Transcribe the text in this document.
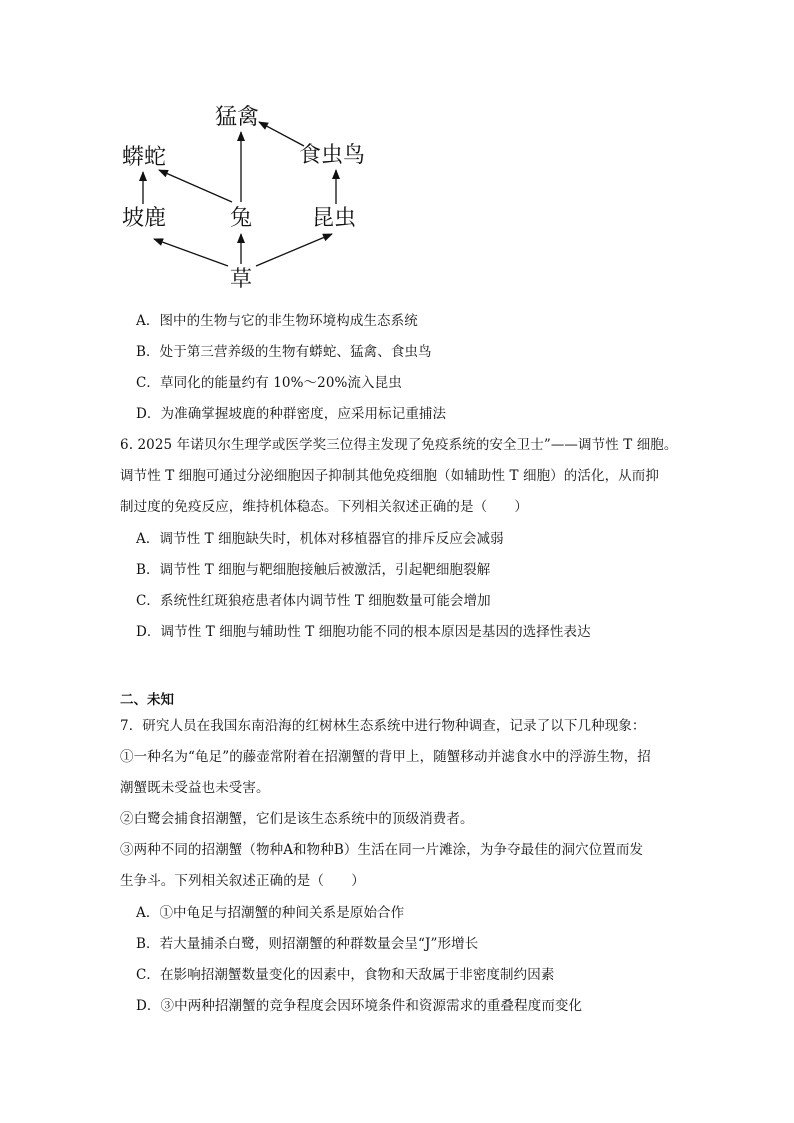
猛禽
蟒蛇	食虫鸟
坡鹿	兔	昆虫
草
A．图中的生物与它的非生物环境构成生态系统
B．处于第三营养级的生物有蟒蛇、猛禽、食虫鸟
C．草同化的能量约有 10%～20%流入昆虫
D．为准确掌握坡鹿的种群密度，应采用标记重捕法
6. 2025 年诺贝尔生理学或医学奖三位得主发现了免疫系统的安全卫士”——调节性 T 细胞。
调节性 T 细胞可通过分泌细胞因子抑制其他免疫细胞（如辅助性 T 细胞）的活化，从而抑
制过度的免疫反应，维持机体稳态。下列相关叙述正确的是（　　）
A．调节性 T 细胞缺失时，机体对移植器官的排斥反应会减弱
B．调节性 T 细胞与靶细胞接触后被激活，引起靶细胞裂解
C．系统性红斑狼疮患者体内调节性 T 细胞数量可能会增加
D．调节性 T 细胞与辅助性 T 细胞功能不同的根本原因是基因的选择性表达
二、未知
7．研究人员在我国东南沿海的红树林生态系统中进行物种调查，记录了以下几种现象：
①一种名为“龟足”的藤壶常附着在招潮蟹的背甲上，随蟹移动并滤食水中的浮游生物，招
潮蟹既未受益也未受害。
②白鹭会捕食招潮蟹，它们是该生态系统中的顶级消费者。
③两种不同的招潮蟹（物种A和物种B）生活在同一片滩涂，为争夺最佳的洞穴位置而发
生争斗。下列相关叙述正确的是（　　）
A．①中龟足与招潮蟹的种间关系是原始合作
B．若大量捕杀白鹭，则招潮蟹的种群数量会呈“J”形增长
C．在影响招潮蟹数量变化的因素中，食物和天敌属于非密度制约因素
D．③中两种招潮蟹的竞争程度会因环境条件和资源需求的重叠程度而变化
